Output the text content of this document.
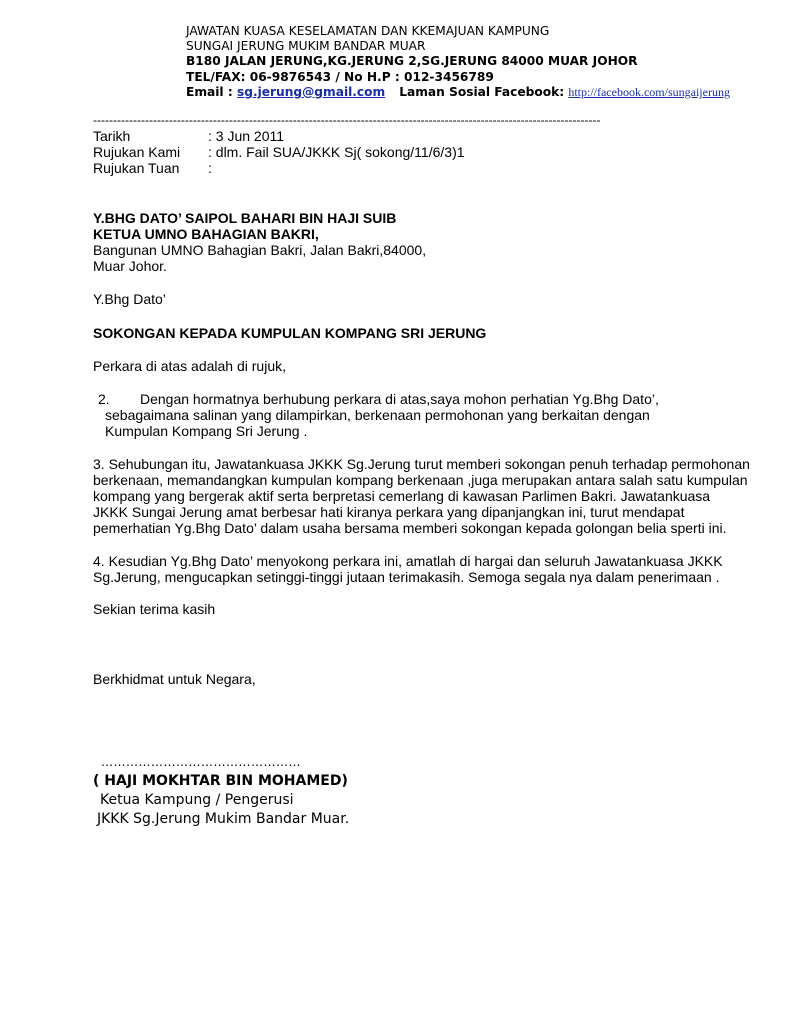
JAWATAN KUASA KESELAMATAN DAN KKEMAJUAN KAMPUNG
SUNGAI JERUNG MUKIM BANDAR MUAR
B180 JALAN JERUNG,KG.JERUNG 2,SG.JERUNG 84000 MUAR JOHOR
TEL/FAX: 06-9876543 / No H.P : 012-3456789
Email : sg.jerung@gmail.com Laman Sosial Facebook: http://facebook.com/sungaijerung
-------------------------------------------------------------------------------------------------------------------------------
Tarikh	: 3 Jun 2011
Rujukan Kami	: dlm. Fail SUA/JKKK Sj( sokong/11/6/3)1
Rujukan Tuan	:
Y.BHG DATO’ SAIPOL BAHARI BIN HAJI SUIB
KETUA UMNO BAHAGIAN BAKRI,
Bangunan UMNO Bahagian Bakri, Jalan Bakri,84000,
Muar Johor.
Y.Bhg Dato’
SOKONGAN KEPADA KUMPULAN KOMPANG SRI JERUNG
Perkara di atas adalah di rujuk,
2. Dengan hormatnya berhubung perkara di atas,saya mohon perhatian Yg.Bhg Dato’,
sebagaimana salinan yang dilampirkan, berkenaan permohonan yang berkaitan dengan
Kumpulan Kompang Sri Jerung .
3. Sehubungan itu, Jawatankuasa JKKK Sg.Jerung turut memberi sokongan penuh terhadap permohonan
berkenaan, memandangkan kumpulan kompang berkenaan ,juga merupakan antara salah satu kumpulan
kompang yang bergerak aktif serta berpretasi cemerlang di kawasan Parlimen Bakri. Jawatankuasa
JKKK Sungai Jerung amat berbesar hati kiranya perkara yang dipanjangkan ini, turut mendapat
pemerhatian Yg.Bhg Dato’ dalam usaha bersama memberi sokongan kepada golongan belia sperti ini.
4. Kesudian Yg.Bhg Dato’ menyokong perkara ini, amatlah di hargai dan seluruh Jawatankuasa JKKK
Sg.Jerung, mengucapkan setinggi-tinggi jutaan terimakasih. Semoga segala nya dalam penerimaan .
Sekian terima kasih
Berkhidmat untuk Negara,
…………………………………………
( HAJI MOKHTAR BIN MOHAMED)
Ketua Kampung / Pengerusi
JKKK Sg.Jerung Mukim Bandar Muar.
